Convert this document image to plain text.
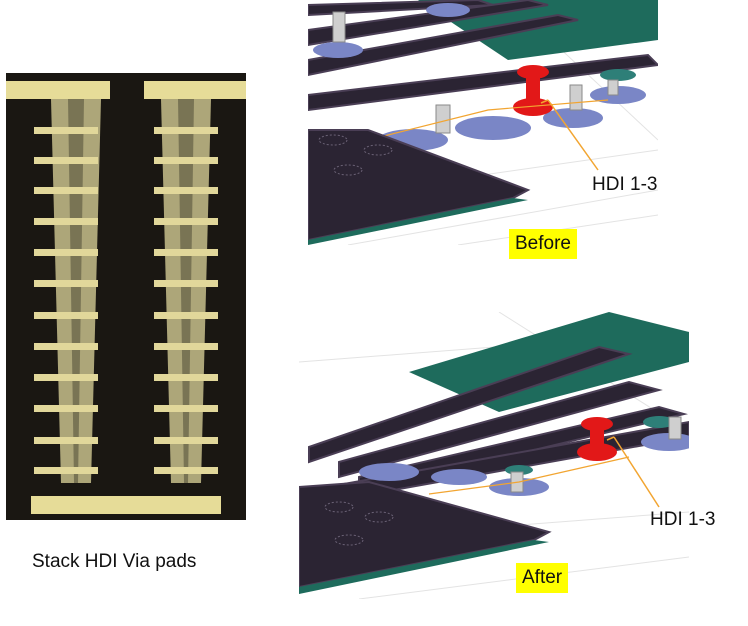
Stack HDI Via pads
HDI 1-3
Before
HDI 1-3
After
